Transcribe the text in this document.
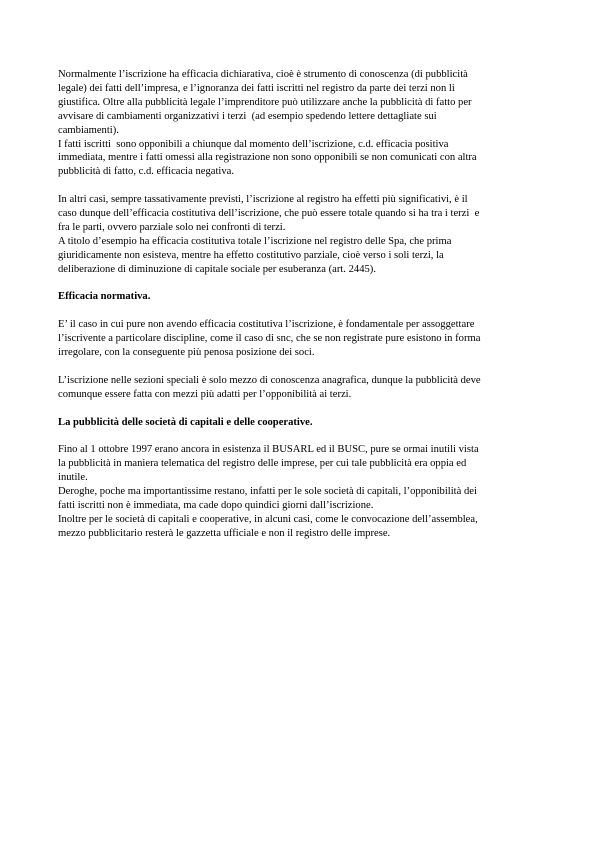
Normalmente l’iscrizione ha efficacia dichiarativa, cioè è strumento di conoscenza (di pubblicità
legale) dei fatti dell’impresa, e l’ignoranza dei fatti iscritti nel registro da parte dei terzi non li
giustifica. Oltre alla pubblicità legale l’imprenditore può utilizzare anche la pubblicità di fatto per
avvisare di cambiamenti organizzativi i terzi  (ad esempio spedendo lettere dettagliate sui
cambiamenti).
I fatti iscritti  sono opponibili a chiunque dal momento dell’iscrizione, c.d. efficacia positiva
immediata, mentre i fatti omessi alla registrazione non sono opponibili se non comunicati con altra
pubblicità di fatto, c.d. efficacia negativa.
In altri casi, sempre tassativamente previsti, l’iscrizione al registro ha effetti più significativi, è il
caso dunque dell’efficacia costitutiva dell’iscrizione, che può essere totale quando si ha tra i terzi  e
fra le parti, ovvero parziale solo nei confronti di terzi.
A titolo d’esempio ha efficacia costitutiva totale l’iscrizione nel registro delle Spa, che prima
giuridicamente non esisteva, mentre ha effetto costitutivo parziale, cioè verso i soli terzi, la
deliberazione di diminuzione di capitale sociale per esuberanza (art. 2445).
Efficacia normativa.
E’ il caso in cui pure non avendo efficacia costitutiva l’iscrizione, è fondamentale per assoggettare
l’iscrivente a particolare discipline, come il caso di snc, che se non registrate pure esistono in forma
irregolare, con la conseguente più penosa posizione dei soci.
L’iscrizione nelle sezioni speciali è solo mezzo di conoscenza anagrafica, dunque la pubblicità deve
comunque essere fatta con mezzi più adatti per l’opponibilità ai terzi.
La pubblicità delle società di capitali e delle cooperative.
Fino al 1 ottobre 1997 erano ancora in esistenza il BUSARL ed il BUSC, pure se ormai inutili vista
la pubblicità in maniera telematica del registro delle imprese, per cui tale pubblicità era oppia ed
inutile.
Deroghe, poche ma importantissime restano, infatti per le sole società di capitali, l’opponibilità dei
fatti iscritti non è immediata, ma cade dopo quindici giorni dall’iscrizione.
Inoltre per le società di capitali e cooperative, in alcuni casi, come le convocazione dell’assemblea,
mezzo pubblicitario resterà le gazzetta ufficiale e non il registro delle imprese.
